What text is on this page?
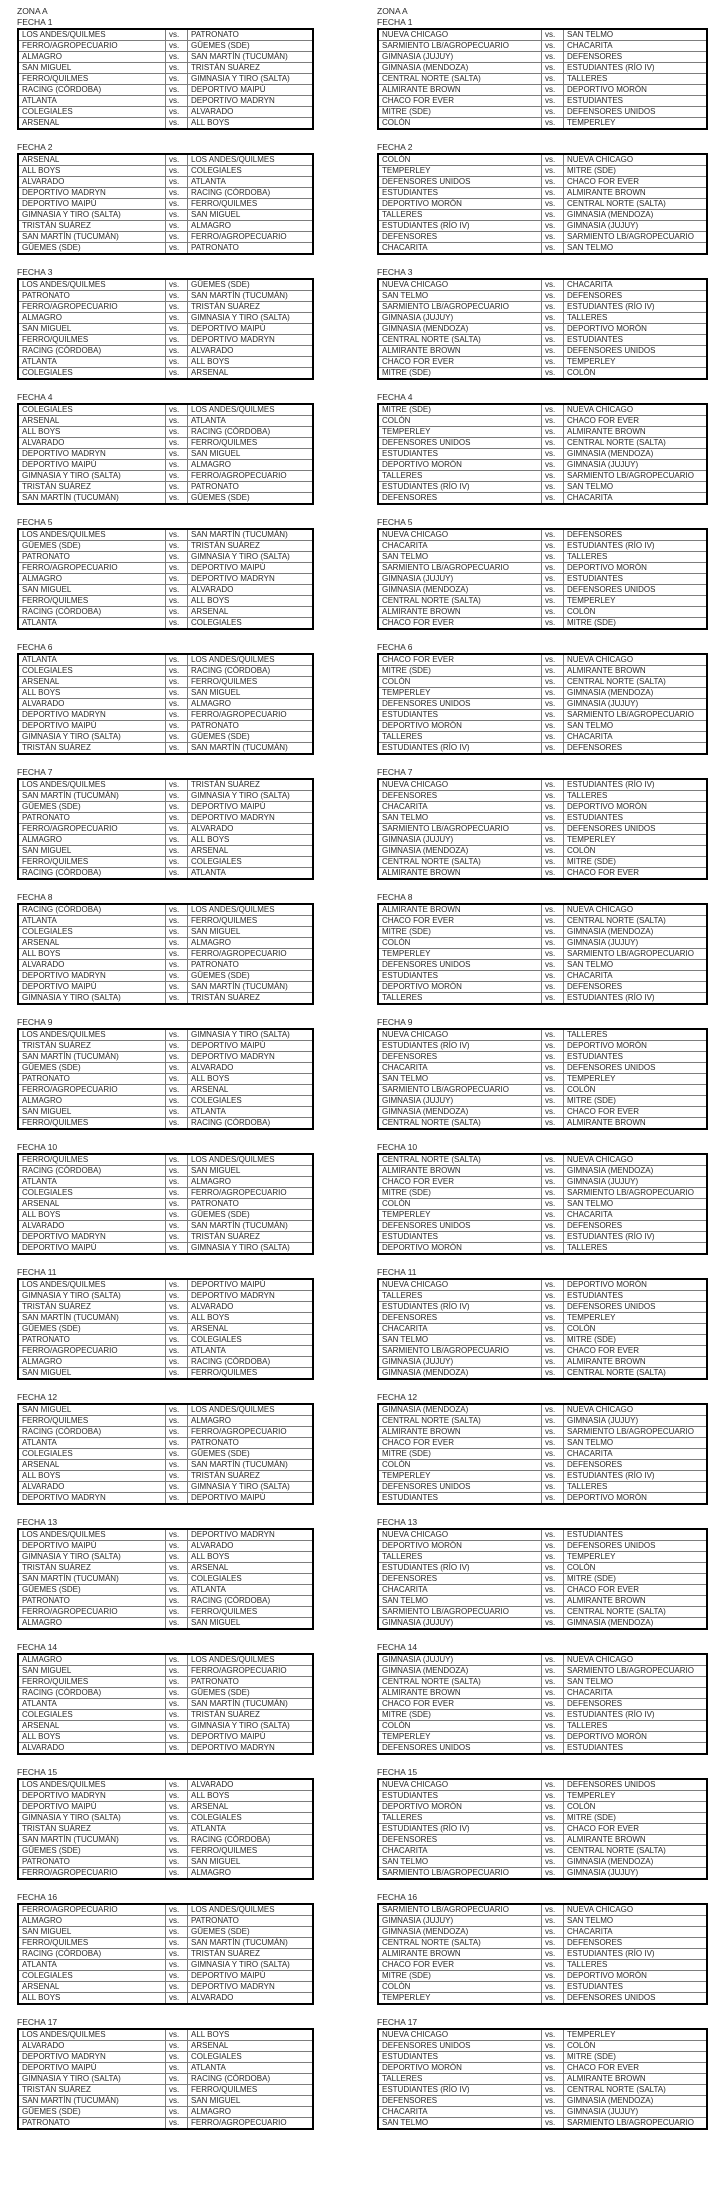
ZONA A
FECHA 1
LOS ANDES/QUILMES	vs.	PATRONATO
FERRO/AGROPECUARIO	vs.	GÜEMES (SDE)
ALMAGRO	vs.	SAN MARTÍN (TUCUMÁN)
SAN MIGUEL	vs.	TRISTÁN SUÁREZ
FERRO/QUILMES	vs.	GIMNASIA Y TIRO (SALTA)
RACING (CÓRDOBA)	vs.	DEPORTIVO MAIPÚ
ATLANTA	vs.	DEPORTIVO MADRYN
COLEGIALES	vs.	ALVARADO
ARSENAL	vs.	ALL BOYS
FECHA 2
ARSENAL	vs.	LOS ANDES/QUILMES
ALL BOYS	vs.	COLEGIALES
ALVARADO	vs.	ATLANTA
DEPORTIVO MADRYN	vs.	RACING (CÓRDOBA)
DEPORTIVO MAIPÚ	vs.	FERRO/QUILMES
GIMNASIA Y TIRO (SALTA)	vs.	SAN MIGUEL
TRISTÁN SUÁREZ	vs.	ALMAGRO
SAN MARTÍN (TUCUMÁN)	vs.	FERRO/AGROPECUARIO
GÜEMES (SDE)	vs.	PATRONATO
FECHA 3
LOS ANDES/QUILMES	vs.	GÜEMES (SDE)
PATRONATO	vs.	SAN MARTÍN (TUCUMÁN)
FERRO/AGROPECUARIO	vs.	TRISTÁN SUÁREZ
ALMAGRO	vs.	GIMNASIA Y TIRO (SALTA)
SAN MIGUEL	vs.	DEPORTIVO MAIPÚ
FERRO/QUILMES	vs.	DEPORTIVO MADRYN
RACING (CÓRDOBA)	vs.	ALVARADO
ATLANTA	vs.	ALL BOYS
COLEGIALES	vs.	ARSENAL
FECHA 4
COLEGIALES	vs.	LOS ANDES/QUILMES
ARSENAL	vs.	ATLANTA
ALL BOYS	vs.	RACING (CÓRDOBA)
ALVARADO	vs.	FERRO/QUILMES
DEPORTIVO MADRYN	vs.	SAN MIGUEL
DEPORTIVO MAIPÚ	vs.	ALMAGRO
GIMNASIA Y TIRO (SALTA)	vs.	FERRO/AGROPECUARIO
TRISTÁN SUÁREZ	vs.	PATRONATO
SAN MARTÍN (TUCUMÁN)	vs.	GÜEMES (SDE)
FECHA 5
LOS ANDES/QUILMES	vs.	SAN MARTÍN (TUCUMÁN)
GÜEMES (SDE)	vs.	TRISTÁN SUÁREZ
PATRONATO	vs.	GIMNASIA Y TIRO (SALTA)
FERRO/AGROPECUARIO	vs.	DEPORTIVO MAIPÚ
ALMAGRO	vs.	DEPORTIVO MADRYN
SAN MIGUEL	vs.	ALVARADO
FERRO/QUILMES	vs.	ALL BOYS
RACING (CÓRDOBA)	vs.	ARSENAL
ATLANTA	vs.	COLEGIALES
FECHA 6
ATLANTA	vs.	LOS ANDES/QUILMES
COLEGIALES	vs.	RACING (CÓRDOBA)
ARSENAL	vs.	FERRO/QUILMES
ALL BOYS	vs.	SAN MIGUEL
ALVARADO	vs.	ALMAGRO
DEPORTIVO MADRYN	vs.	FERRO/AGROPECUARIO
DEPORTIVO MAIPÚ	vs.	PATRONATO
GIMNASIA Y TIRO (SALTA)	vs.	GÜEMES (SDE)
TRISTÁN SUÁREZ	vs.	SAN MARTÍN (TUCUMÁN)
FECHA 7
LOS ANDES/QUILMES	vs.	TRISTÁN SUÁREZ
SAN MARTÍN (TUCUMÁN)	vs.	GIMNASIA Y TIRO (SALTA)
GÜEMES (SDE)	vs.	DEPORTIVO MAIPÚ
PATRONATO	vs.	DEPORTIVO MADRYN
FERRO/AGROPECUARIO	vs.	ALVARADO
ALMAGRO	vs.	ALL BOYS
SAN MIGUEL	vs.	ARSENAL
FERRO/QUILMES	vs.	COLEGIALES
RACING (CÓRDOBA)	vs.	ATLANTA
FECHA 8
RACING (CÓRDOBA)	vs.	LOS ANDES/QUILMES
ATLANTA	vs.	FERRO/QUILMES
COLEGIALES	vs.	SAN MIGUEL
ARSENAL	vs.	ALMAGRO
ALL BOYS	vs.	FERRO/AGROPECUARIO
ALVARADO	vs.	PATRONATO
DEPORTIVO MADRYN	vs.	GÜEMES (SDE)
DEPORTIVO MAIPÚ	vs.	SAN MARTÍN (TUCUMÁN)
GIMNASIA Y TIRO (SALTA)	vs.	TRISTÁN SUÁREZ
FECHA 9
LOS ANDES/QUILMES	vs.	GIMNASIA Y TIRO (SALTA)
TRISTÁN SUÁREZ	vs.	DEPORTIVO MAIPÚ
SAN MARTÍN (TUCUMÁN)	vs.	DEPORTIVO MADRYN
GÜEMES (SDE)	vs.	ALVARADO
PATRONATO	vs.	ALL BOYS
FERRO/AGROPECUARIO	vs.	ARSENAL
ALMAGRO	vs.	COLEGIALES
SAN MIGUEL	vs.	ATLANTA
FERRO/QUILMES	vs.	RACING (CÓRDOBA)
FECHA 10
FERRO/QUILMES	vs.	LOS ANDES/QUILMES
RACING (CÓRDOBA)	vs.	SAN MIGUEL
ATLANTA	vs.	ALMAGRO
COLEGIALES	vs.	FERRO/AGROPECUARIO
ARSENAL	vs.	PATRONATO
ALL BOYS	vs.	GÜEMES (SDE)
ALVARADO	vs.	SAN MARTÍN (TUCUMÁN)
DEPORTIVO MADRYN	vs.	TRISTÁN SUÁREZ
DEPORTIVO MAIPÚ	vs.	GIMNASIA Y TIRO (SALTA)
FECHA 11
LOS ANDES/QUILMES	vs.	DEPORTIVO MAIPÚ
GIMNASIA Y TIRO (SALTA)	vs.	DEPORTIVO MADRYN
TRISTÁN SUÁREZ	vs.	ALVARADO
SAN MARTÍN (TUCUMÁN)	vs.	ALL BOYS
GÜEMES (SDE)	vs.	ARSENAL
PATRONATO	vs.	COLEGIALES
FERRO/AGROPECUARIO	vs.	ATLANTA
ALMAGRO	vs.	RACING (CÓRDOBA)
SAN MIGUEL	vs.	FERRO/QUILMES
FECHA 12
SAN MIGUEL	vs.	LOS ANDES/QUILMES
FERRO/QUILMES	vs.	ALMAGRO
RACING (CÓRDOBA)	vs.	FERRO/AGROPECUARIO
ATLANTA	vs.	PATRONATO
COLEGIALES	vs.	GÜEMES (SDE)
ARSENAL	vs.	SAN MARTÍN (TUCUMÁN)
ALL BOYS	vs.	TRISTÁN SUÁREZ
ALVARADO	vs.	GIMNASIA Y TIRO (SALTA)
DEPORTIVO MADRYN	vs.	DEPORTIVO MAIPÚ
FECHA 13
LOS ANDES/QUILMES	vs.	DEPORTIVO MADRYN
DEPORTIVO MAIPÚ	vs.	ALVARADO
GIMNASIA Y TIRO (SALTA)	vs.	ALL BOYS
TRISTÁN SUÁREZ	vs.	ARSENAL
SAN MARTÍN (TUCUMÁN)	vs.	COLEGIALES
GÜEMES (SDE)	vs.	ATLANTA
PATRONATO	vs.	RACING (CÓRDOBA)
FERRO/AGROPECUARIO	vs.	FERRO/QUILMES
ALMAGRO	vs.	SAN MIGUEL
FECHA 14
ALMAGRO	vs.	LOS ANDES/QUILMES
SAN MIGUEL	vs.	FERRO/AGROPECUARIO
FERRO/QUILMES	vs.	PATRONATO
RACING (CÓRDOBA)	vs.	GÜEMES (SDE)
ATLANTA	vs.	SAN MARTÍN (TUCUMÁN)
COLEGIALES	vs.	TRISTÁN SUÁREZ
ARSENAL	vs.	GIMNASIA Y TIRO (SALTA)
ALL BOYS	vs.	DEPORTIVO MAIPÚ
ALVARADO	vs.	DEPORTIVO MADRYN
FECHA 15
LOS ANDES/QUILMES	vs.	ALVARADO
DEPORTIVO MADRYN	vs.	ALL BOYS
DEPORTIVO MAIPÚ	vs.	ARSENAL
GIMNASIA Y TIRO (SALTA)	vs.	COLEGIALES
TRISTÁN SUÁREZ	vs.	ATLANTA
SAN MARTÍN (TUCUMÁN)	vs.	RACING (CÓRDOBA)
GÜEMES (SDE)	vs.	FERRO/QUILMES
PATRONATO	vs.	SAN MIGUEL
FERRO/AGROPECUARIO	vs.	ALMAGRO
FECHA 16
FERRO/AGROPECUARIO	vs.	LOS ANDES/QUILMES
ALMAGRO	vs.	PATRONATO
SAN MIGUEL	vs.	GÜEMES (SDE)
FERRO/QUILMES	vs.	SAN MARTÍN (TUCUMÁN)
RACING (CÓRDOBA)	vs.	TRISTÁN SUÁREZ
ATLANTA	vs.	GIMNASIA Y TIRO (SALTA)
COLEGIALES	vs.	DEPORTIVO MAIPÚ
ARSENAL	vs.	DEPORTIVO MADRYN
ALL BOYS	vs.	ALVARADO
FECHA 17
LOS ANDES/QUILMES	vs.	ALL BOYS
ALVARADO	vs.	ARSENAL
DEPORTIVO MADRYN	vs.	COLEGIALES
DEPORTIVO MAIPÚ	vs.	ATLANTA
GIMNASIA Y TIRO (SALTA)	vs.	RACING (CÓRDOBA)
TRISTÁN SUÁREZ	vs.	FERRO/QUILMES
SAN MARTÍN (TUCUMÁN)	vs.	SAN MIGUEL
GÜEMES (SDE)	vs.	ALMAGRO
PATRONATO	vs.	FERRO/AGROPECUARIO
ZONA A
FECHA 1
NUEVA CHICAGO	vs.	SAN TELMO
SARMIENTO LB/AGROPECUARIO	vs.	CHACARITA
GIMNASIA (JUJUY)	vs.	DEFENSORES
GIMNASIA (MENDOZA)	vs.	ESTUDIANTES (RÍO IV)
CENTRAL NORTE (SALTA)	vs.	TALLERES
ALMIRANTE BROWN	vs.	DEPORTIVO MORÓN
CHACO FOR EVER	vs.	ESTUDIANTES
MITRE (SDE)	vs.	DEFENSORES UNIDOS
COLÓN	vs.	TEMPERLEY
FECHA 2
COLÓN	vs.	NUEVA CHICAGO
TEMPERLEY	vs.	MITRE (SDE)
DEFENSORES UNIDOS	vs.	CHACO FOR EVER
ESTUDIANTES	vs.	ALMIRANTE BROWN
DEPORTIVO MORÓN	vs.	CENTRAL NORTE (SALTA)
TALLERES	vs.	GIMNASIA (MENDOZA)
ESTUDIANTES (RÍO IV)	vs.	GIMNASIA (JUJUY)
DEFENSORES	vs.	SARMIENTO LB/AGROPECUARIO
CHACARITA	vs.	SAN TELMO
FECHA 3
NUEVA CHICAGO	vs.	CHACARITA
SAN TELMO	vs.	DEFENSORES
SARMIENTO LB/AGROPECUARIO	vs.	ESTUDIANTES (RÍO IV)
GIMNASIA (JUJUY)	vs.	TALLERES
GIMNASIA (MENDOZA)	vs.	DEPORTIVO MORÓN
CENTRAL NORTE (SALTA)	vs.	ESTUDIANTES
ALMIRANTE BROWN	vs.	DEFENSORES UNIDOS
CHACO FOR EVER	vs.	TEMPERLEY
MITRE (SDE)	vs.	COLÓN
FECHA 4
MITRE (SDE)	vs.	NUEVA CHICAGO
COLÓN	vs.	CHACO FOR EVER
TEMPERLEY	vs.	ALMIRANTE BROWN
DEFENSORES UNIDOS	vs.	CENTRAL NORTE (SALTA)
ESTUDIANTES	vs.	GIMNASIA (MENDOZA)
DEPORTIVO MORÓN	vs.	GIMNASIA (JUJUY)
TALLERES	vs.	SARMIENTO LB/AGROPECUARIO
ESTUDIANTES (RÍO IV)	vs.	SAN TELMO
DEFENSORES	vs.	CHACARITA
FECHA 5
NUEVA CHICAGO	vs.	DEFENSORES
CHACARITA	vs.	ESTUDIANTES (RÍO IV)
SAN TELMO	vs.	TALLERES
SARMIENTO LB/AGROPECUARIO	vs.	DEPORTIVO MORÓN
GIMNASIA (JUJUY)	vs.	ESTUDIANTES
GIMNASIA (MENDOZA)	vs.	DEFENSORES UNIDOS
CENTRAL NORTE (SALTA)	vs.	TEMPERLEY
ALMIRANTE BROWN	vs.	COLÓN
CHACO FOR EVER	vs.	MITRE (SDE)
FECHA 6
CHACO FOR EVER	vs.	NUEVA CHICAGO
MITRE (SDE)	vs.	ALMIRANTE BROWN
COLÓN	vs.	CENTRAL NORTE (SALTA)
TEMPERLEY	vs.	GIMNASIA (MENDOZA)
DEFENSORES UNIDOS	vs.	GIMNASIA (JUJUY)
ESTUDIANTES	vs.	SARMIENTO LB/AGROPECUARIO
DEPORTIVO MORÓN	vs.	SAN TELMO
TALLERES	vs.	CHACARITA
ESTUDIANTES (RÍO IV)	vs.	DEFENSORES
FECHA 7
NUEVA CHICAGO	vs.	ESTUDIANTES (RÍO IV)
DEFENSORES	vs.	TALLERES
CHACARITA	vs.	DEPORTIVO MORÓN
SAN TELMO	vs.	ESTUDIANTES
SARMIENTO LB/AGROPECUARIO	vs.	DEFENSORES UNIDOS
GIMNASIA (JUJUY)	vs.	TEMPERLEY
GIMNASIA (MENDOZA)	vs.	COLÓN
CENTRAL NORTE (SALTA)	vs.	MITRE (SDE)
ALMIRANTE BROWN	vs.	CHACO FOR EVER
FECHA 8
ALMIRANTE BROWN	vs.	NUEVA CHICAGO
CHACO FOR EVER	vs.	CENTRAL NORTE (SALTA)
MITRE (SDE)	vs.	GIMNASIA (MENDOZA)
COLÓN	vs.	GIMNASIA (JUJUY)
TEMPERLEY	vs.	SARMIENTO LB/AGROPECUARIO
DEFENSORES UNIDOS	vs.	SAN TELMO
ESTUDIANTES	vs.	CHACARITA
DEPORTIVO MORÓN	vs.	DEFENSORES
TALLERES	vs.	ESTUDIANTES (RÍO IV)
FECHA 9
NUEVA CHICAGO	vs.	TALLERES
ESTUDIANTES (RÍO IV)	vs.	DEPORTIVO MORÓN
DEFENSORES	vs.	ESTUDIANTES
CHACARITA	vs.	DEFENSORES UNIDOS
SAN TELMO	vs.	TEMPERLEY
SARMIENTO LB/AGROPECUARIO	vs.	COLÓN
GIMNASIA (JUJUY)	vs.	MITRE (SDE)
GIMNASIA (MENDOZA)	vs.	CHACO FOR EVER
CENTRAL NORTE (SALTA)	vs.	ALMIRANTE BROWN
FECHA 10
CENTRAL NORTE (SALTA)	vs.	NUEVA CHICAGO
ALMIRANTE BROWN	vs.	GIMNASIA (MENDOZA)
CHACO FOR EVER	vs.	GIMNASIA (JUJUY)
MITRE (SDE)	vs.	SARMIENTO LB/AGROPECUARIO
COLÓN	vs.	SAN TELMO
TEMPERLEY	vs.	CHACARITA
DEFENSORES UNIDOS	vs.	DEFENSORES
ESTUDIANTES	vs.	ESTUDIANTES (RÍO IV)
DEPORTIVO MORÓN	vs.	TALLERES
FECHA 11
NUEVA CHICAGO	vs.	DEPORTIVO MORÓN
TALLERES	vs.	ESTUDIANTES
ESTUDIANTES (RÍO IV)	vs.	DEFENSORES UNIDOS
DEFENSORES	vs.	TEMPERLEY
CHACARITA	vs.	COLÓN
SAN TELMO	vs.	MITRE (SDE)
SARMIENTO LB/AGROPECUARIO	vs.	CHACO FOR EVER
GIMNASIA (JUJUY)	vs.	ALMIRANTE BROWN
GIMNASIA (MENDOZA)	vs.	CENTRAL NORTE (SALTA)
FECHA 12
GIMNASIA (MENDOZA)	vs.	NUEVA CHICAGO
CENTRAL NORTE (SALTA)	vs.	GIMNASIA (JUJUY)
ALMIRANTE BROWN	vs.	SARMIENTO LB/AGROPECUARIO
CHACO FOR EVER	vs.	SAN TELMO
MITRE (SDE)	vs.	CHACARITA
COLÓN	vs.	DEFENSORES
TEMPERLEY	vs.	ESTUDIANTES (RÍO IV)
DEFENSORES UNIDOS	vs.	TALLERES
ESTUDIANTES	vs.	DEPORTIVO MORÓN
FECHA 13
NUEVA CHICAGO	vs.	ESTUDIANTES
DEPORTIVO MORÓN	vs.	DEFENSORES UNIDOS
TALLERES	vs.	TEMPERLEY
ESTUDIANTES (RÍO IV)	vs.	COLÓN
DEFENSORES	vs.	MITRE (SDE)
CHACARITA	vs.	CHACO FOR EVER
SAN TELMO	vs.	ALMIRANTE BROWN
SARMIENTO LB/AGROPECUARIO	vs.	CENTRAL NORTE (SALTA)
GIMNASIA (JUJUY)	vs.	GIMNASIA (MENDOZA)
FECHA 14
GIMNASIA (JUJUY)	vs.	NUEVA CHICAGO
GIMNASIA (MENDOZA)	vs.	SARMIENTO LB/AGROPECUARIO
CENTRAL NORTE (SALTA)	vs.	SAN TELMO
ALMIRANTE BROWN	vs.	CHACARITA
CHACO FOR EVER	vs.	DEFENSORES
MITRE (SDE)	vs.	ESTUDIANTES (RÍO IV)
COLÓN	vs.	TALLERES
TEMPERLEY	vs.	DEPORTIVO MORÓN
DEFENSORES UNIDOS	vs.	ESTUDIANTES
FECHA 15
NUEVA CHICAGO	vs.	DEFENSORES UNIDOS
ESTUDIANTES	vs.	TEMPERLEY
DEPORTIVO MORÓN	vs.	COLÓN
TALLERES	vs.	MITRE (SDE)
ESTUDIANTES (RÍO IV)	vs.	CHACO FOR EVER
DEFENSORES	vs.	ALMIRANTE BROWN
CHACARITA	vs.	CENTRAL NORTE (SALTA)
SAN TELMO	vs.	GIMNASIA (MENDOZA)
SARMIENTO LB/AGROPECUARIO	vs.	GIMNASIA (JUJUY)
FECHA 16
SARMIENTO LB/AGROPECUARIO	vs.	NUEVA CHICAGO
GIMNASIA (JUJUY)	vs.	SAN TELMO
GIMNASIA (MENDOZA)	vs.	CHACARITA
CENTRAL NORTE (SALTA)	vs.	DEFENSORES
ALMIRANTE BROWN	vs.	ESTUDIANTES (RÍO IV)
CHACO FOR EVER	vs.	TALLERES
MITRE (SDE)	vs.	DEPORTIVO MORÓN
COLÓN	vs.	ESTUDIANTES
TEMPERLEY	vs.	DEFENSORES UNIDOS
FECHA 17
NUEVA CHICAGO	vs.	TEMPERLEY
DEFENSORES UNIDOS	vs.	COLÓN
ESTUDIANTES	vs.	MITRE (SDE)
DEPORTIVO MORÓN	vs.	CHACO FOR EVER
TALLERES	vs.	ALMIRANTE BROWN
ESTUDIANTES (RÍO IV)	vs.	CENTRAL NORTE (SALTA)
DEFENSORES	vs.	GIMNASIA (MENDOZA)
CHACARITA	vs.	GIMNASIA (JUJUY)
SAN TELMO	vs.	SARMIENTO LB/AGROPECUARIO
